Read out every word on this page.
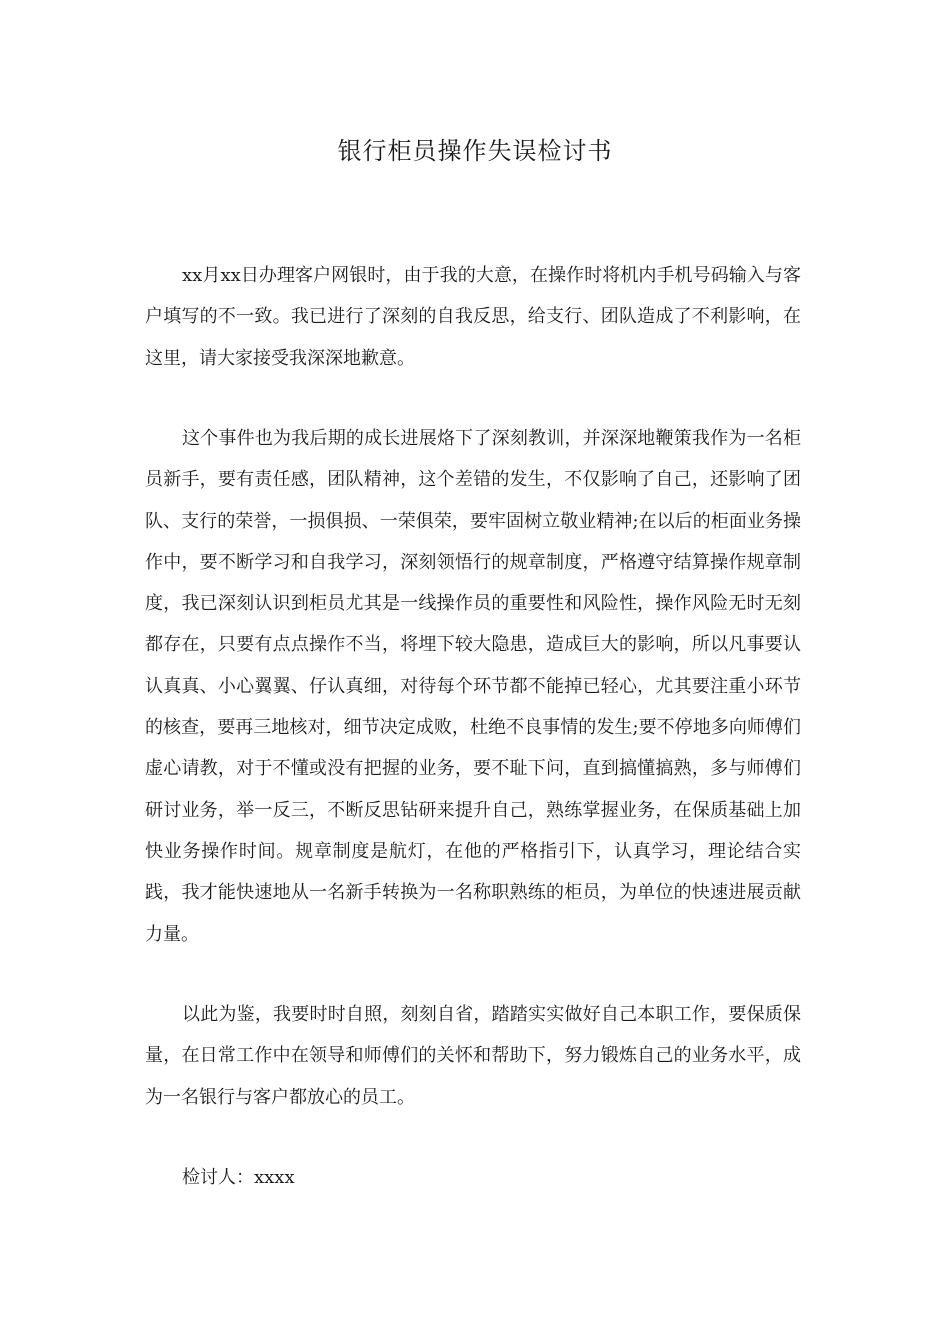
银行柜员操作失误检讨书

xx月xx日办理客户网银时，由于我的大意，在操作时将机内手机号码输入与客户填写的不一致。我已进行了深刻的自我反思，给支行、团队造成了不利影响，在这里，请大家接受我深深地歉意。

这个事件也为我后期的成长进展烙下了深刻教训，并深深地鞭策我作为一名柜员新手，要有责任感，团队精神，这个差错的发生，不仅影响了自己，还影响了团队、支行的荣誉，一损俱损、一荣俱荣，要牢固树立敬业精神;在以后的柜面业务操作中，要不断学习和自我学习，深刻领悟行的规章制度，严格遵守结算操作规章制度，我已深刻认识到柜员尤其是一线操作员的重要性和风险性，操作风险无时无刻都存在，只要有点点操作不当，将埋下较大隐患，造成巨大的影响，所以凡事要认认真真、小心翼翼、仔认真细，对待每个环节都不能掉已轻心，尤其要注重小环节的核查，要再三地核对，细节决定成败，杜绝不良事情的发生;要不停地多向师傅们虚心请教，对于不懂或没有把握的业务，要不耻下问，直到搞懂搞熟，多与师傅们研讨业务，举一反三，不断反思钻研来提升自己，熟练掌握业务，在保质基础上加快业务操作时间。规章制度是航灯，在他的严格指引下，认真学习，理论结合实践，我才能快速地从一名新手转换为一名称职熟练的柜员，为单位的快速进展贡献力量。

以此为鉴，我要时时自照，刻刻自省，踏踏实实做好自己本职工作，要保质保量，在日常工作中在领导和师傅们的关怀和帮助下，努力锻炼自己的业务水平，成为一名银行与客户都放心的员工。

检讨人：xxxx
